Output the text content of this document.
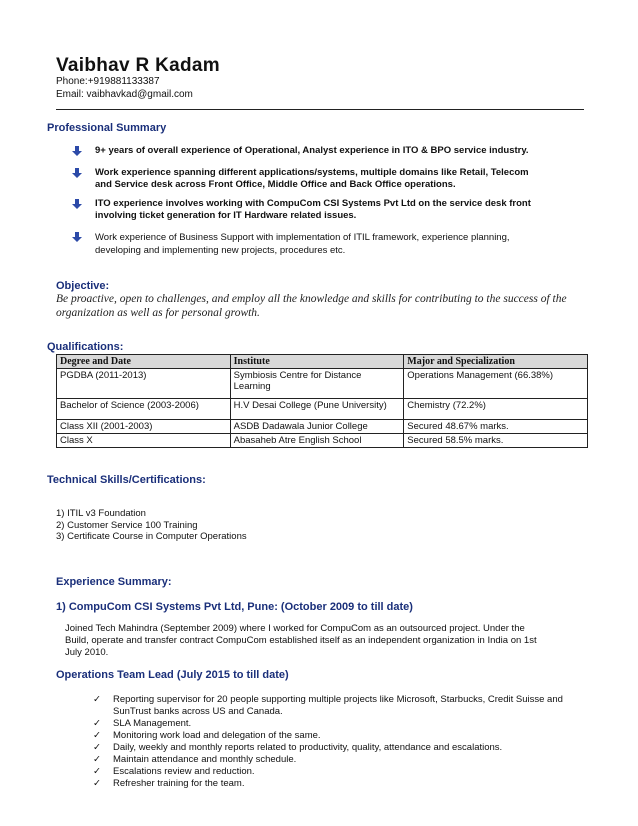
Vaibhav R Kadam
Phone:+919881133387
Email: vaibhavkad@gmail.com
Professional Summary
9+ years of overall experience of Operational, Analyst experience in ITO & BPO service industry.
Work experience spanning different applications/systems, multiple domains like Retail, Telecom and Service desk across Front Office, Middle Office and Back Office operations.
ITO experience involves working with CompuCom CSI Systems Pvt Ltd on the service desk front involving ticket generation for IT Hardware related issues.
Work experience of Business Support with implementation of ITIL framework, experience planning, developing and implementing new projects, procedures etc.
Objective:
Be proactive, open to challenges, and employ all the knowledge and skills for contributing to the success of the organization as well as for personal growth.
Qualifications:
Degree and Date	Institute	Major and Specialization
PGDBA (2011-2013)	Symbiosis Centre for Distance Learning	Operations Management (66.38%)
Bachelor of Science (2003-2006)	H.V Desai College (Pune University)	Chemistry (72.2%)
Class XII (2001-2003)	ASDB Dadawala Junior College	Secured 48.67% marks.
Class X	Abasaheb Atre English School	Secured 58.5% marks.
Technical Skills/Certifications:
1) ITIL v3 Foundation
2) Customer Service 100 Training
3) Certificate Course in Computer Operations
Experience Summary:
1) CompuCom CSI Systems Pvt Ltd, Pune: (October 2009 to till date)
Joined Tech Mahindra (September 2009) where I worked for CompuCom as an outsourced project. Under the Build, operate and transfer contract CompuCom established itself as an independent organization in India on 1st July 2010.
Operations Team Lead (July 2015 to till date)
✓ Reporting supervisor for 20 people supporting multiple projects like Microsoft, Starbucks, Credit Suisse and SunTrust banks across US and Canada.
✓ SLA Management.
✓ Monitoring work load and delegation of the same.
✓ Daily, weekly and monthly reports related to productivity, quality, attendance and escalations.
✓ Maintain attendance and monthly schedule.
✓ Escalations review and reduction.
✓ Refresher training for the team.
